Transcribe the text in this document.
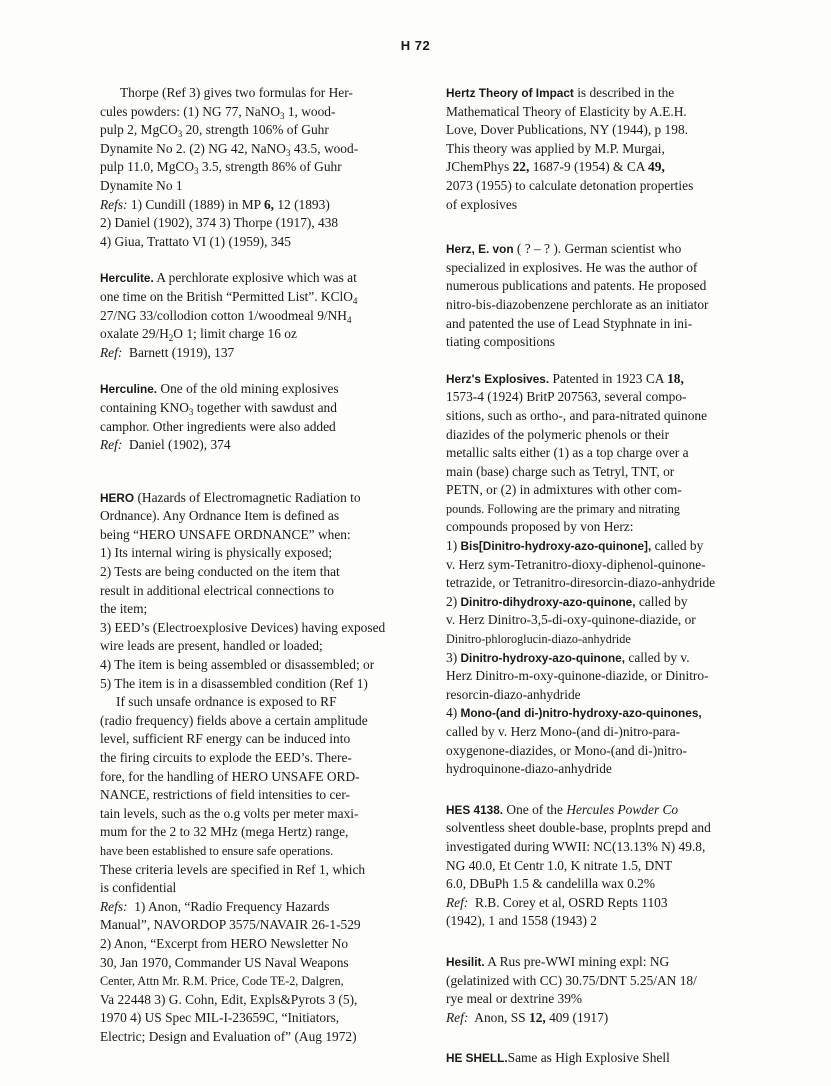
H 72
Thorpe (Ref 3) gives two formulas for Her-
cules powders: (1) NG 77, NaNO$_3$ 1, wood-
pulp 2, MgCO$_3$ 20, strength 106% of Guhr
Dynamite No 2. (2) NG 42, NaNO$_3$ 43.5, wood-
pulp 11.0, MgCO$_3$ 3.5, strength 86% of Guhr
Dynamite No 1
Refs: 1) Cundill (1889) in MP 6, 12 (1893)
2) Daniel (1902), 374 3) Thorpe (1917), 438
4) Giua, Trattato VI (1) (1959), 345
Herculite. A perchlorate explosive which was at
one time on the British “Permitted List”. KClO$_4$
27/NG 33/collodion cotton 1/woodmeal $9/NH_4$
oxalate $29/H_2O$ 1; limit charge 16 oz
Ref: Barnett (1919), 137
Herculine. One of the old mining explosives
containing $KNO_3$ together with sawdust and
camphor. Other ingredients were also added
Ref: Daniel (1902), 374
HERO (Hazards of Electromagnetic Radiation to
Ordnance). Any Ordnance Item is defined as
being “HERO UNSAFE ORDNANCE” when:
1) Its internal wiring is physically exposed;
2) Tests are being conducted on the item that
result in additional electrical connections to
the item;
3) EED’s (Electroexplosive Devices) having exposed
wire leads are present, handled or loaded;
4) The item is being assembled or disassembled; or
5) The item is in a disassembled condition (Ref 1)
If such unsafe ordnance is exposed to RF
(radio frequency) fields above a certain amplitude
level, sufficient RF energy can be induced into
the firing circuits to explode the EED’s. There-
fore, for the handling of HERO UNSAFE ORD-
NANCE, restrictions of field intensities to cer-
tain levels, such as the o.g volts per meter maxi-
mum for the 2 to 32 MHz (mega Hertz) range,
have been established to ensure safe operations.
These criteria levels are specified in Ref 1, which
is confidential
Refs: 1) Anon, “Radio Frequency Hazards
Manual”, NAVORDOP 3575/NAVAIR 26-1-529
2) Anon, “Excerpt from HERO Newsletter No
30, Jan 1970, Commander US Naval Weapons
Center, Attn Mr. R.M. Price, Code TE-2, Dalgren,
Va 22448 3) G. Cohn, Edit, Expls&Pyrots 3 (5),
1970 4) US Spec MIL-I-23659C, “Initiators,
Electric; Design and Evaluation of” (Aug 1972)
Hertz Theory of Impact is described in the
Mathematical Theory of Elasticity by A.E.H.
Love, Dover Publications, NY (1944), p 198.
This theory was applied by M.P. Murgai,
JChemPhys 22, 1687-9 (1954) & CA 49,
2073 (1955) to calculate detonation properties
of explosives
Herz, E. von ( ? – ? ). German scientist who
specialized in explosives. He was the author of
numerous publications and patents. He proposed
nitro-bis-diazobenzene perchlorate as an initiator
and patented the use of Lead Styphnate in ini-
tiating compositions
Herz's Explosives. Patented in 1923 CA 18,
1573-4 (1924) BritP 207563, several compo-
sitions, such as ortho-, and para-nitrated quinone
diazides of the polymeric phenols or their
metallic salts either (1) as a top charge over a
main (base) charge such as Tetryl, TNT, or
PETN, or (2) in admixtures with other com-
pounds. Following are the primary and nitrating
compounds proposed by von Herz:
1) Bis[Dinitro-hydroxy-azo-quinone], called by
v. Herz sym-Tetranitro-dioxy-diphenol-quinone-
tetrazide, or Tetranitro-diresorcin-diazo-anhydride
2) Dinitro-dihydroxy-azo-quinone, called by
v. Herz Dinitro-3,5-di-oxy-quinone-diazide, or
Dinitro-phloroglucin-diazo-anhydride
3) Dinitro-hydroxy-azo-quinone, called by v.
Herz Dinitro-m-oxy-quinone-diazide, or Dinitro-
resorcin-diazo-anhydride
4) Mono-(and di-)nitro-hydroxy-azo-quinones,
called by v. Herz Mono-(and di-)nitro-para-
oxygenone-diazides, or Mono-(and di-)nitro-
hydroquinone-diazo-anhydride
HES 4138. One of the Hercules Powder Co
solventless sheet double-base, proplnts prepd and
investigated during WWII: NC(13.13% N) 49.8,
NG 40.0, Et Centr 1.0, K nitrate 1.5, DNT
6.0, DBuPh 1.5 & candelilla wax 0.2%
Ref: R.B. Corey et al, OSRD Repts 1103
(1942), 1 and 1558 (1943) 2
Hesilit. A Rus pre-WWI mining expl: NG
(gelatinized with CC) 30.75/DNT 5.25/AN 18/
rye meal or dextrine 39%
Ref: Anon, SS 12, 409 (1917)
HE SHELL.Same as High Explosive Shell
